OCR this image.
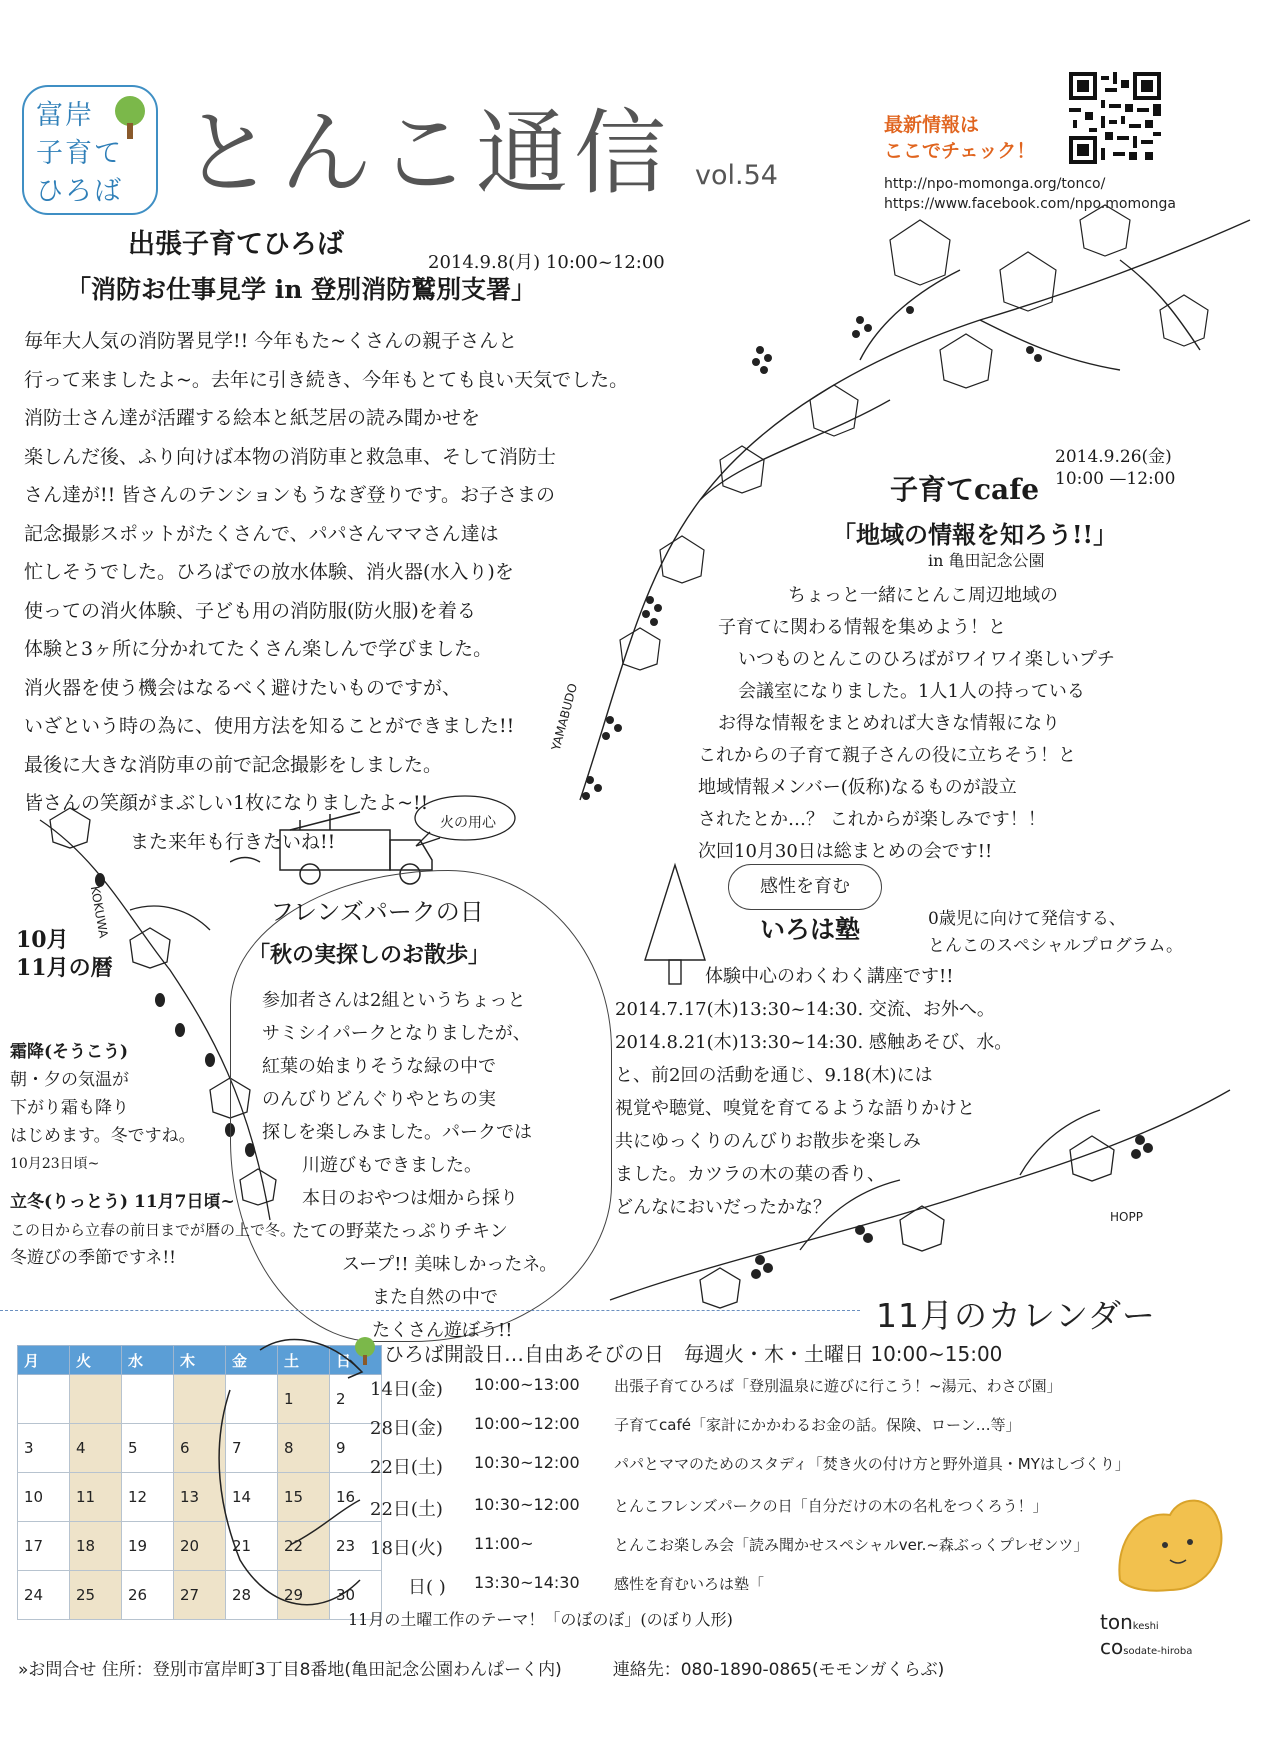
富岸
子育て
ひろば とんこ通信 vol.54
最新情報は
ここでチェック！
http://npo-momonga.org/tonco/
https://www.facebook.com/npo.momonga
YAMABUDO
HOPP
KOKUWA
出張子育てひろば
2014.9.8(月) 10:00~12:00
「消防お仕事見学 in 登別消防鷲別支署」
毎年大人気の消防署見学!! 今年もた~くさんの親子さんと
行って来ましたよ~。去年に引き続き、今年もとても良い天気でした。
消防士さん達が活躍する絵本と紙芝居の読み聞かせを
楽しんだ後、ふり向けば本物の消防車と救急車、そして消防士
さん達が!! 皆さんのテンションもうなぎ登りです。お子さまの
記念撮影スポットがたくさんで、パパさんママさん達は
忙しそうでした。ひろばでの放水体験、消火器(水入り)を
使っての消火体験、子ども用の消防服(防火服)を着る
体験と3ヶ所に分かれてたくさん楽しんで学びました。
消火器を使う機会はなるべく避けたいものですが、
いざという時の為に、使用方法を知ることができました!!
最後に大きな消防車の前で記念撮影をしました。
皆さんの笑顔がまぶしい1枚になりましたよ~!!
また来年も行きたいね!!
火の用心
子育てcafe
2014.9.26(金) 10:00 —12:00
「地域の情報を知ろう!!」
in 亀田記念公園
ちょっと一緒にとんこ周辺地域の
子育てに関わる情報を集めよう！と
いつものとんこのひろばがワイワイ楽しいプチ
会議室になりました。1人1人の持っている
お得な情報をまとめれば大きな情報になり
これからの子育て親子さんの役に立ちそう！と
地域情報メンバー(仮称)なるものが設立
されたとか…？ これからが楽しみです！！
次回10月30日は総まとめの会です!!
フレンズパークの日
「秋の実探しのお散歩」
参加者さんは2組というちょっと
サミシイパークとなりましたが、
紅葉の始まりそうな緑の中で
のんびりどんぐりやとちの実
探しを楽しみました。パークでは
川遊びもできました。
本日のおやつは畑から採り
たての野菜たっぷりチキン
スープ!! 美味しかったネ。
また自然の中で
たくさん遊ぼう!!
感性を育む
いろは塾	0歳児に向けて発信する、
とんこのスペシャルプログラム。
体験中心のわくわく講座です!!
2014.7.17(木)13:30~14:30. 交流、お外へ。
2014.8.21(木)13:30~14:30. 感触あそび、水。
と、前2回の活動を通じ、9.18(木)には
視覚や聴覚、嗅覚を育てるような語りかけと
共にゆっくりのんびりお散歩を楽しみ
ました。カツラの木の葉の香り、
どんなにおいだったかな？
10月
11月の暦
霜降(そうこう)
朝・夕の気温が
下がり霜も降り
はじめます。冬ですね。
10月23日頃~
立冬(りっとう) 11月7日頃~
この日から立春の前日までが暦の上で冬。
冬遊びの季節ですネ!!
11月のカレンダー
月	火	水	木	金	土	日
					1	2
3	4	5	6	7	8	9
10	11	12	13	14	15	16
17	18	19	20	21	22	23
24	25	26	27	28	29	30
ひろば開設日…自由あそびの日　毎週火・木・土曜日 10:00~15:00
14日(金) 10:00~13:00 出張子育てひろば「登別温泉に遊びに行こう！~湯元、わさび園」
28日(金) 10:00~12:00 子育てcafé「家計にかかわるお金の話。保険、ローン…等」
22日(土) 10:30~12:00 パパとママのためのスタディ「焚き火の付け方と野外道具・MYはしづくり」
22日(土) 10:30~12:00 とんこフレンズパークの日「自分だけの木の名札をつくろう！」
18日(火) 11:00~	とんこお楽しみ会「読み聞かせスペシャルver.~森ぶっくプレゼンツ」
日( ) 13:30~14:30 感性を育むいろは塾「
11月の土曜工作のテーマ！「のぼのぼ」(のぼり人形)	tonkeshi
cosodate-hiroba
»お問合せ 住所：登別市富岸町3丁目8番地(亀田記念公園わんぱーく内)　　　連絡先：080-1890-0865(モモンガくらぶ)
